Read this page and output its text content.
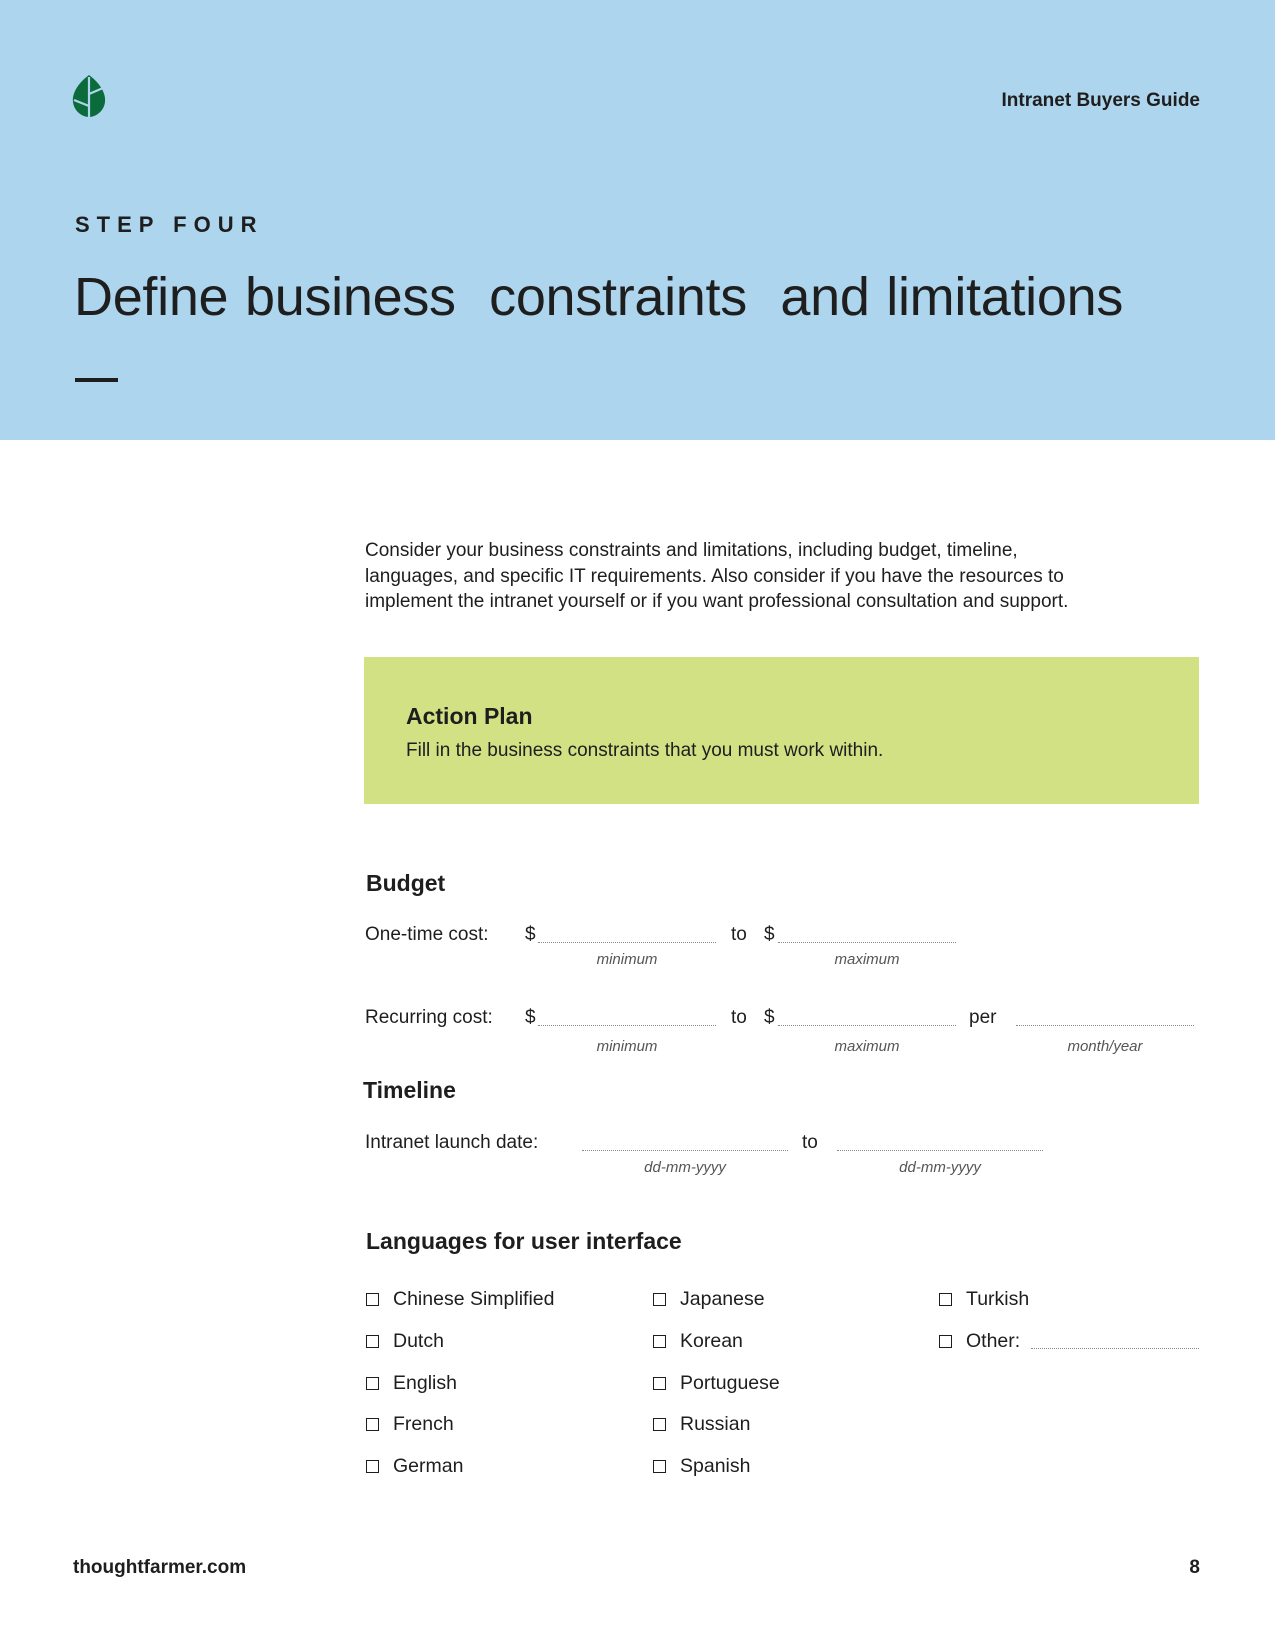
Intranet Buyers Guide
STEP FOUR
Define business  constraints  and limitations
Consider your business constraints and limitations, including budget, timeline,
languages, and specific IT requirements. Also consider if you have the resources to
implement the intranet yourself or if you want professional consultation and support.
Action Plan
Fill in the business constraints that you must work within.
Budget
One-time cost: $
minimum
to $
maximum
Recurring cost: $
minimum
to $
maximum
per
month/year
Timeline
Intranet launch date:
dd-mm-yyyy
to
dd-mm-yyyy
Languages for user interface
Chinese Simplified
Dutch
English
French
German
Japanese
Korean
Portuguese
Russian
Spanish
Turkish
Other:
thoughtfarmer.com	8
